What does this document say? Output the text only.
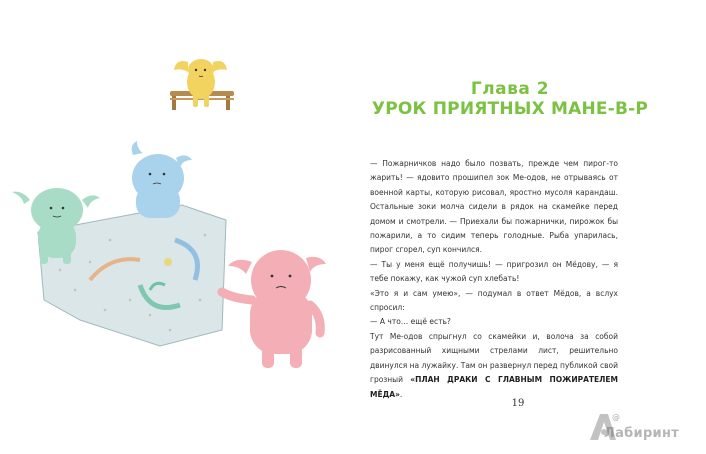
Глава 2
УРОК ПРИЯТНЫХ МАНЕ-В-Р

— Пожарничков надо было позвать, прежде чем пирог-то жарить! — ядовито прошипел зок Ме-одов, не отрываясь от военной карты, которую рисовал, яростно мусоля карандаш. Остальные зоки молча сидели в рядок на скамейке перед домом и смотрели. — Приехали бы пожарнички, пирожок бы пожарили, а то сидим теперь голодные. Рыба упарилась, пирог сгорел, суп кончился.

— Ты у меня ещё получишь! — пригрозил он Мёдову, — я тебе покажу, как чужой суп хлебать!

«Это я и сам умею», — подумал в ответ Мёдов, а вслух спросил:

— А что… ещё есть?

Тут Ме-одов спрыгнул со скамейки и, волоча за собой разрисованный хищными стрелами лист, решительно двинулся на лужайку. Там он развернул перед публикой свой грозный «ПЛАН ДРАКИ С ГЛАВНЫМ ПОЖИРАТЕЛЕМ МЁДА».

19
@
Лабиринт
